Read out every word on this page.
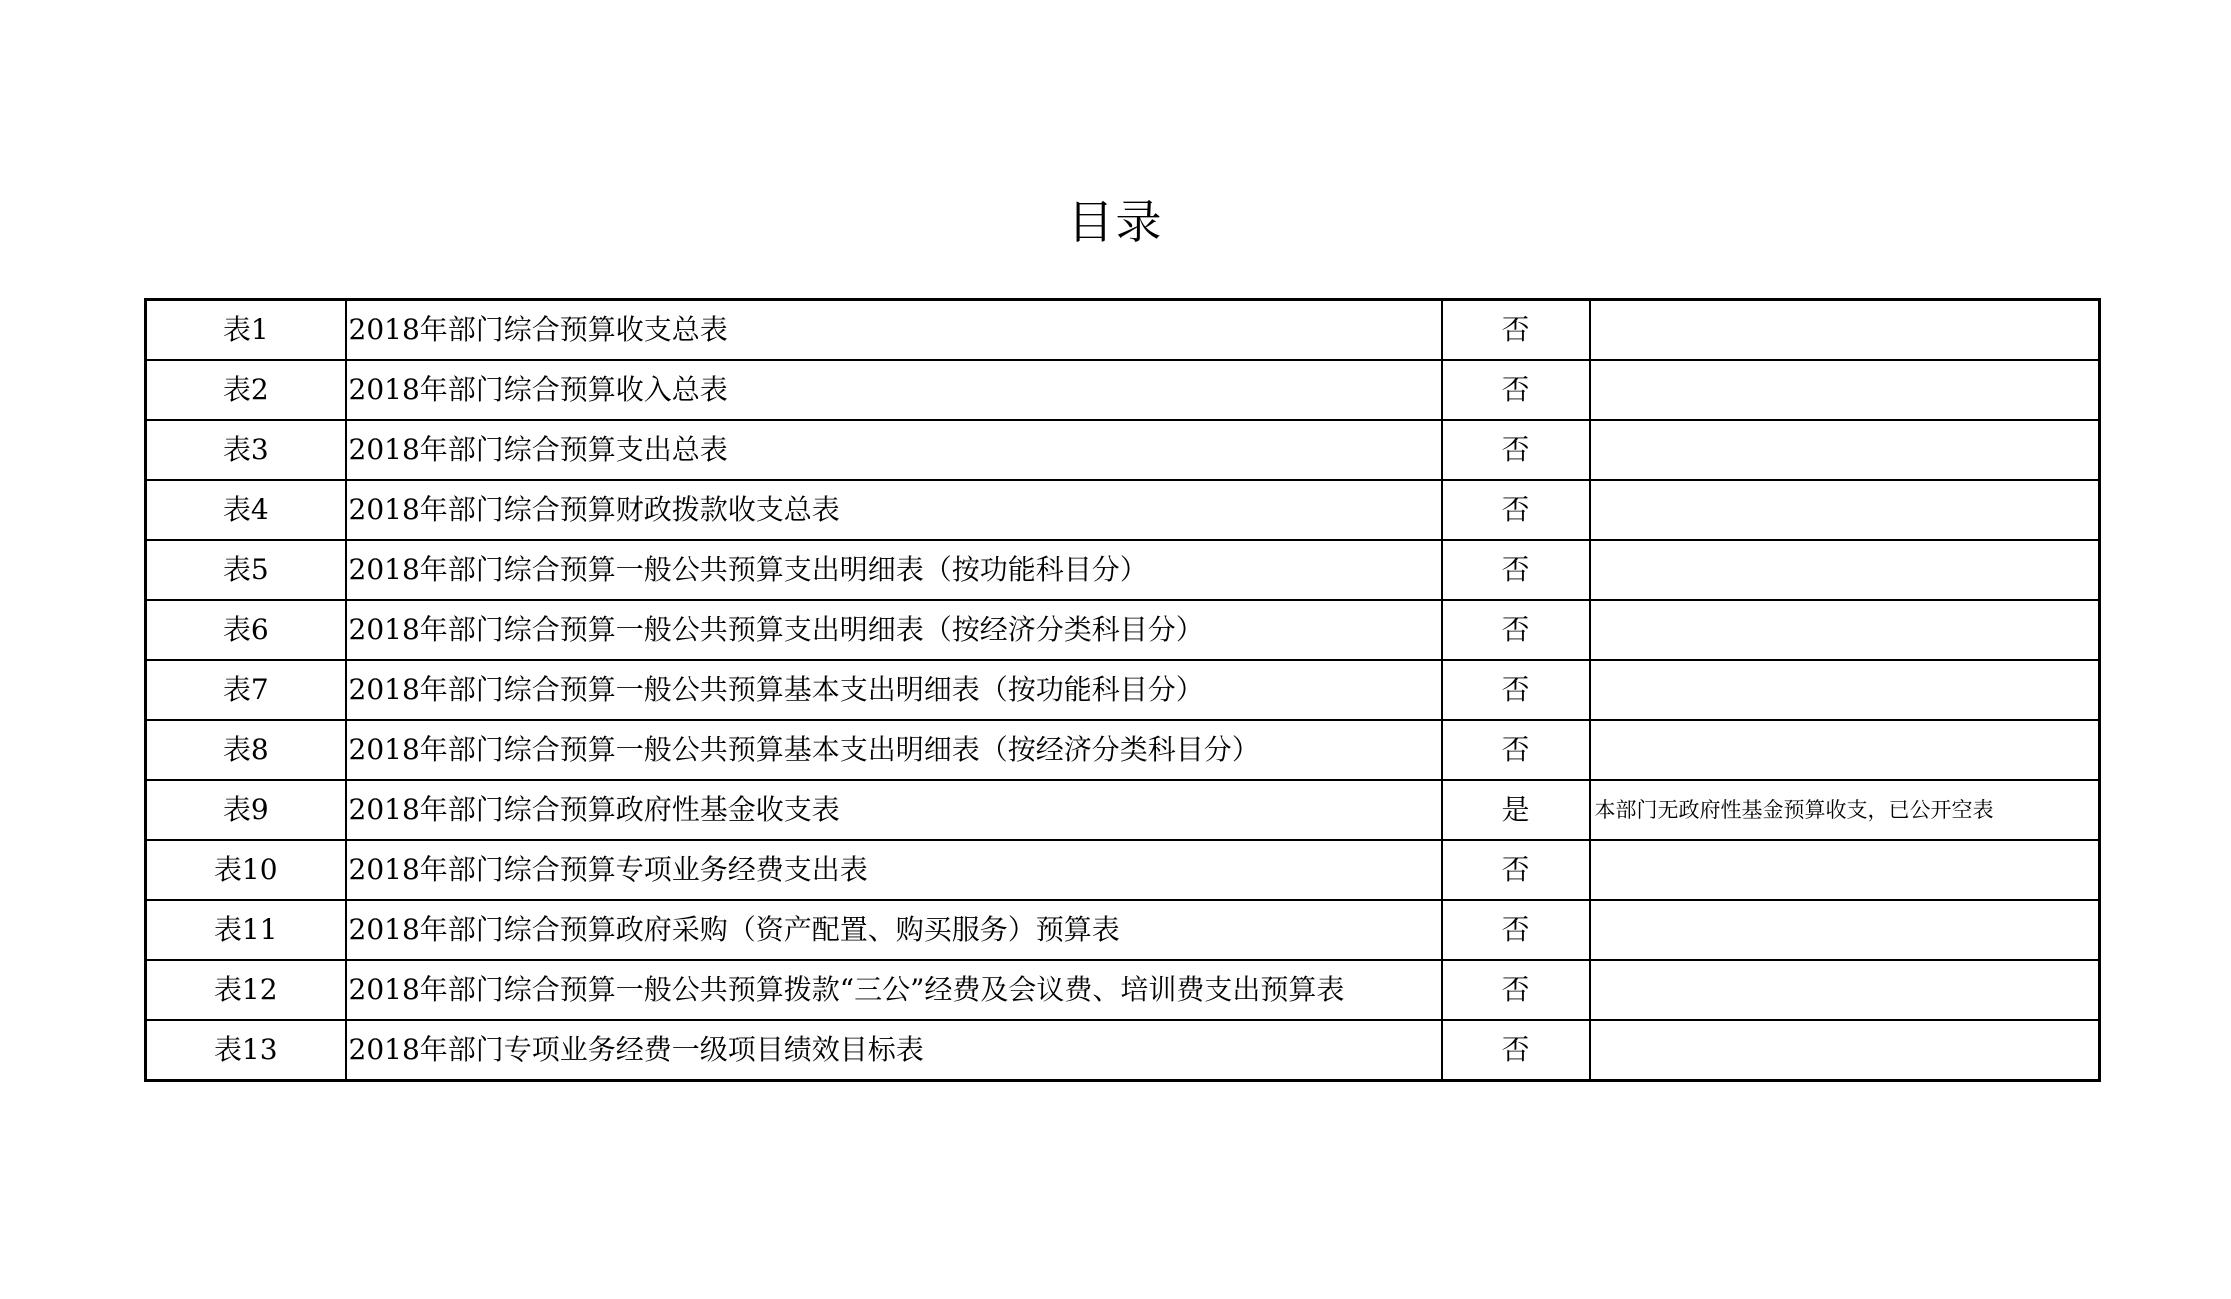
目录
表1	2018年部门综合预算收支总表	否	
表2	2018年部门综合预算收入总表	否	
表3	2018年部门综合预算支出总表	否	
表4	2018年部门综合预算财政拨款收支总表	否	
表5	2018年部门综合预算一般公共预算支出明细表（按功能科目分）	否	
表6	2018年部门综合预算一般公共预算支出明细表（按经济分类科目分）	否	
表7	2018年部门综合预算一般公共预算基本支出明细表（按功能科目分）	否	
表8	2018年部门综合预算一般公共预算基本支出明细表（按经济分类科目分）	否	
表9	2018年部门综合预算政府性基金收支表	是	本部门无政府性基金预算收支，已公开空表
表10	2018年部门综合预算专项业务经费支出表	否	
表11	2018年部门综合预算政府采购（资产配置、购买服务）预算表	否	
表12	2018年部门综合预算一般公共预算拨款“三公”经费及会议费、培训费支出预算表	否	
表13	2018年部门专项业务经费一级项目绩效目标表	否	
